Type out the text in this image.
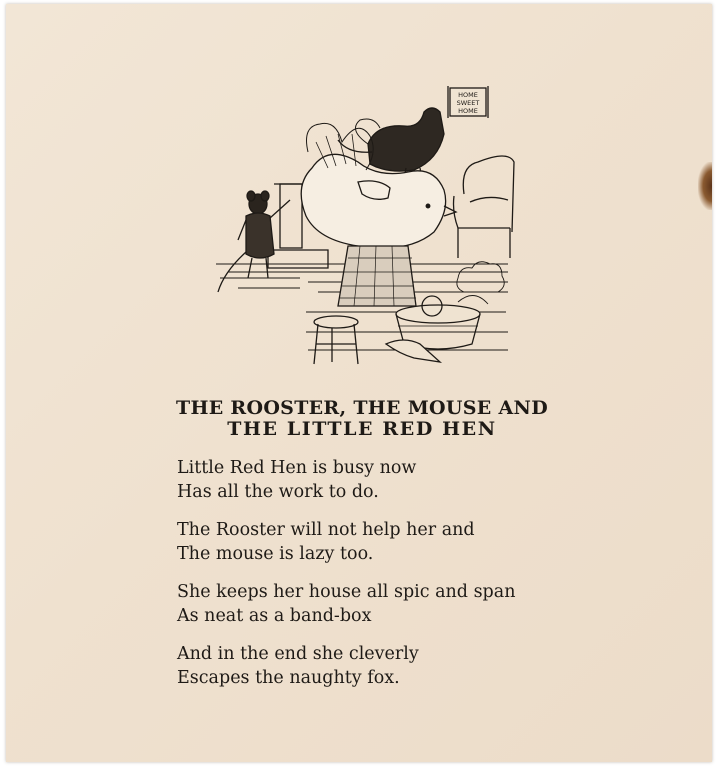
HOME
SWEET
HOME
THE ROOSTER, THE MOUSE AND
THE LITTLE RED HEN
Little Red Hen is busy now
Has all the work to do.
The Rooster will not help her and
The mouse is lazy too.
She keeps her house all spic and span
As neat as a band-box
And in the end she cleverly
Escapes the naughty fox.
